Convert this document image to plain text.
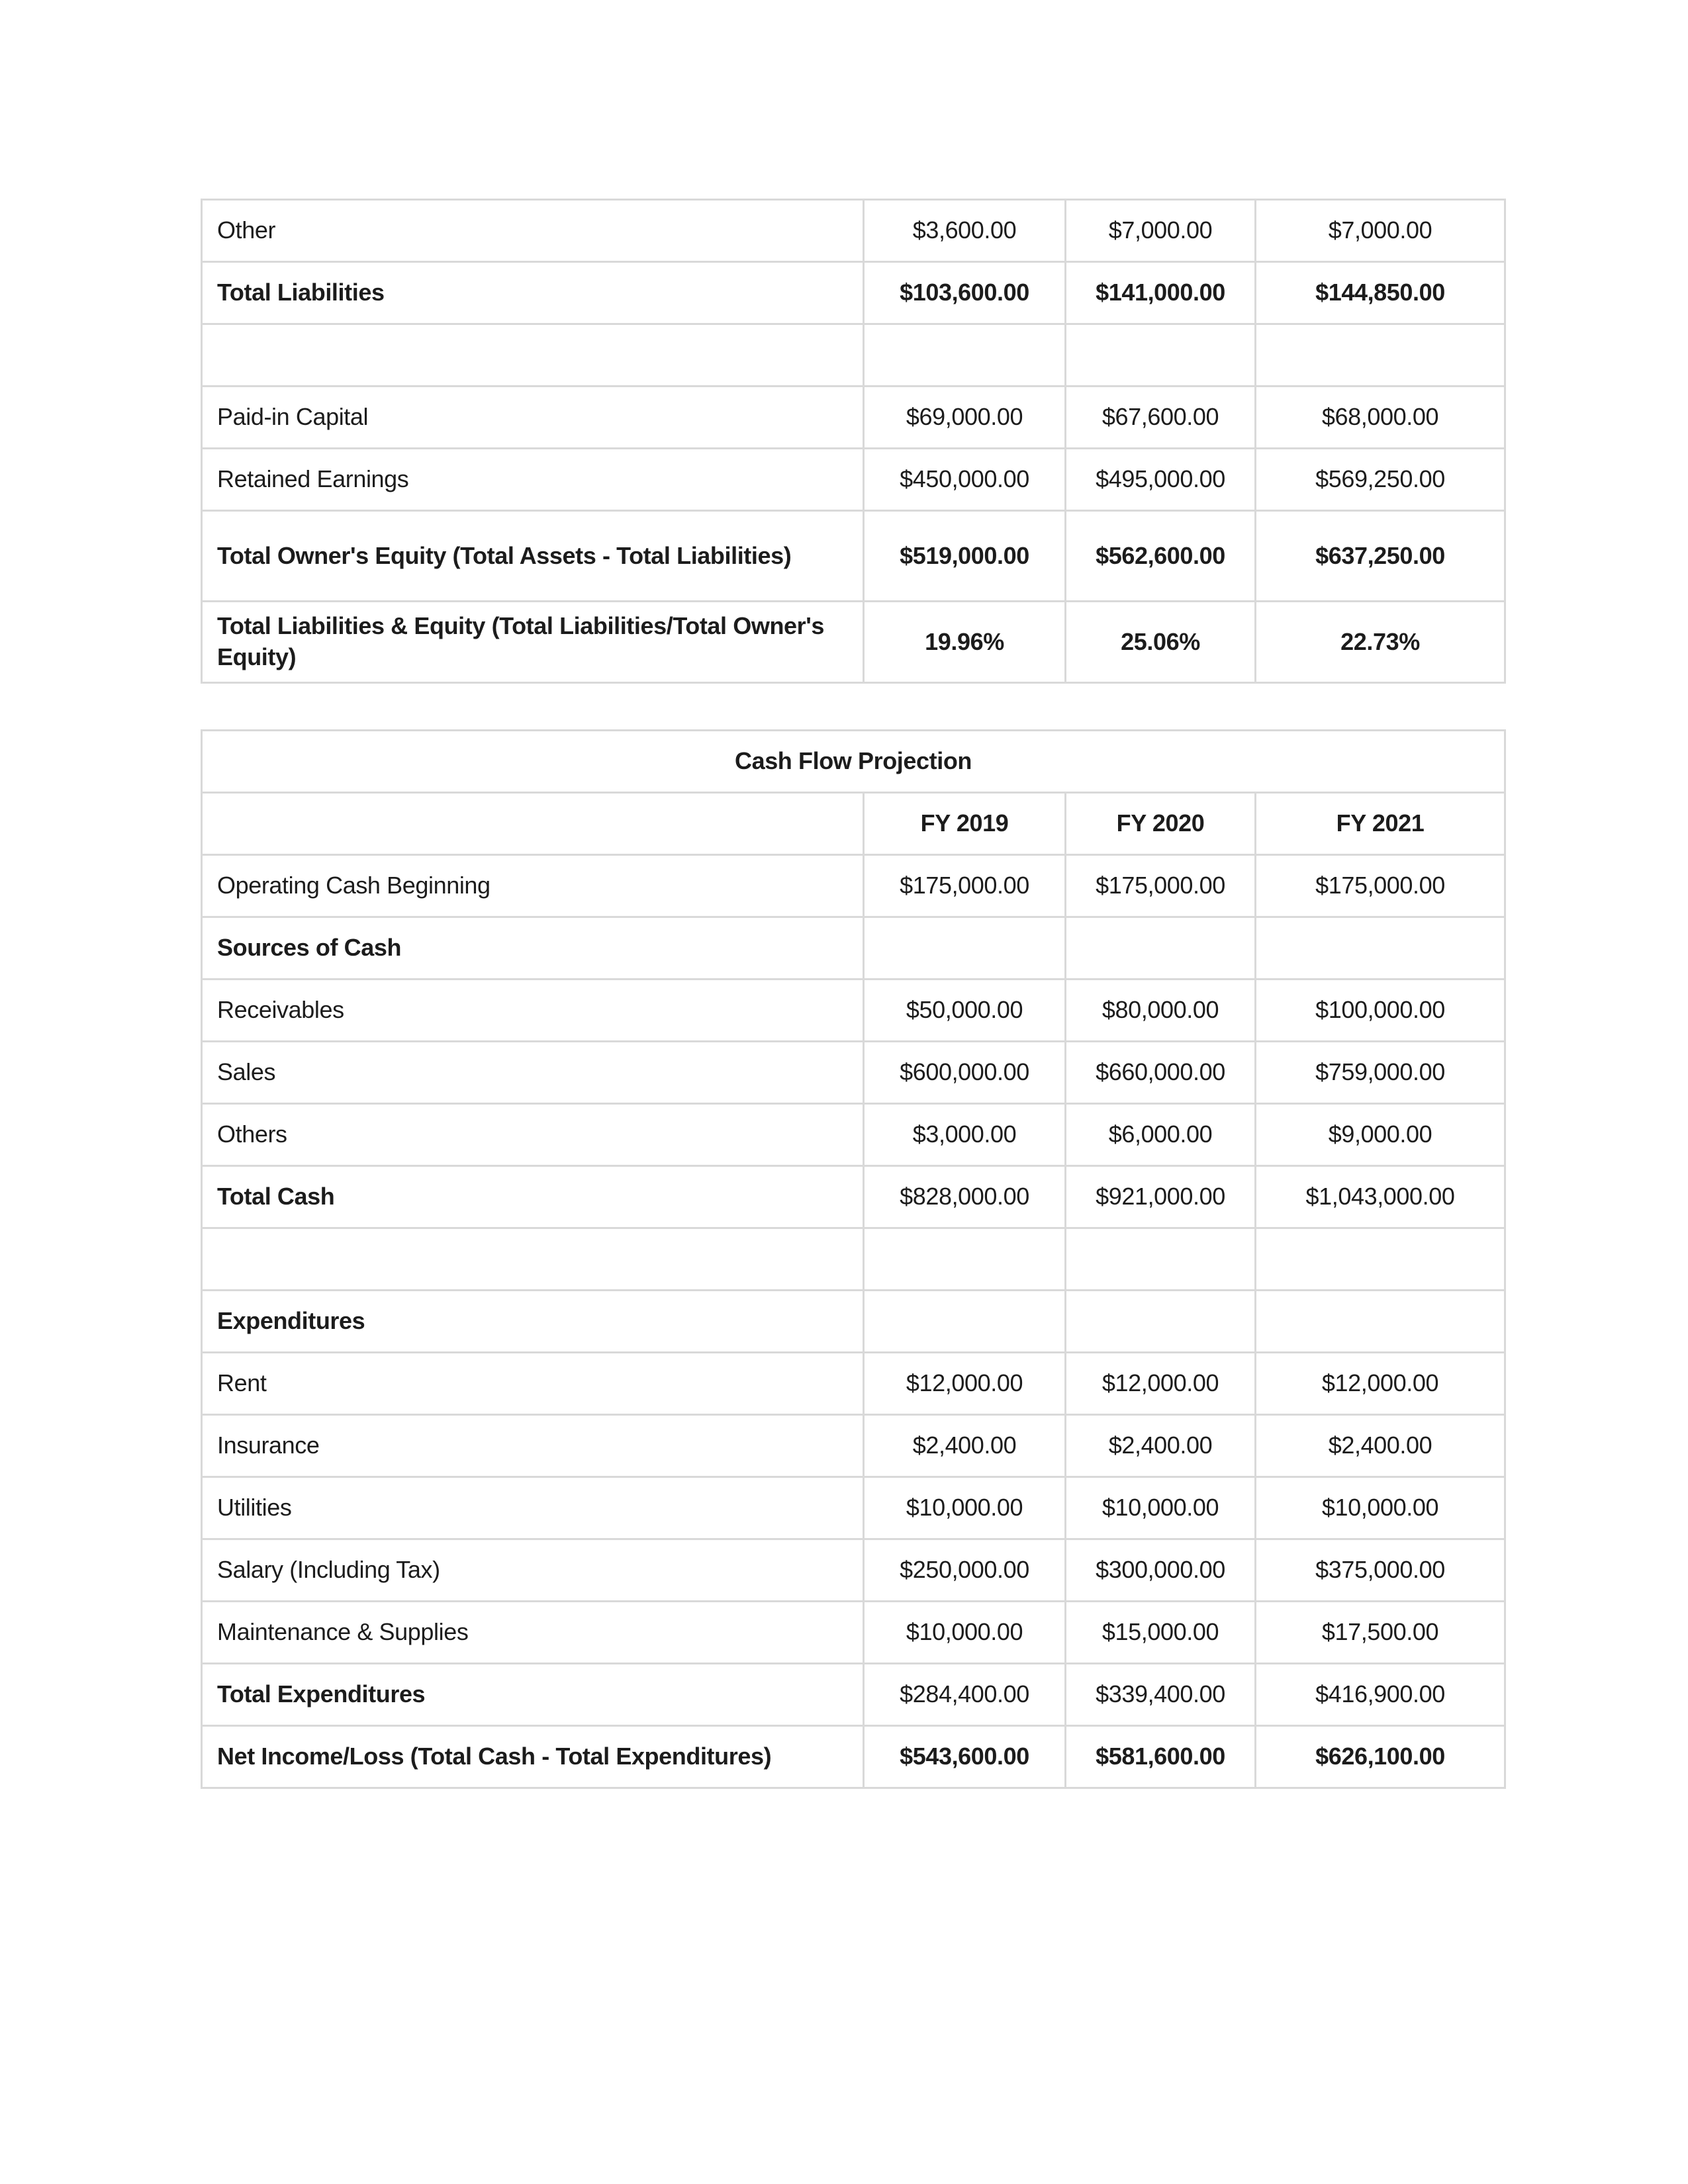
Other	$3,600.00	$7,000.00	$7,000.00
Total Liabilities	$103,600.00	$141,000.00	$144,850.00

Paid-in Capital	$69,000.00	$67,600.00	$68,000.00
Retained Earnings	$450,000.00	$495,000.00	$569,250.00
Total Owner's Equity (Total Assets - Total Liabilities)	$519,000.00	$562,600.00	$637,250.00
Total Liabilities & Equity (Total Liabilities/Total Owner's Equity)	19.96%	25.06%	22.73%
Cash Flow Projection			
	FY 2019	FY 2020	FY 2021
Operating Cash Beginning	$175,000.00	$175,000.00	$175,000.00
Sources of Cash			
Receivables	$50,000.00	$80,000.00	$100,000.00
Sales	$600,000.00	$660,000.00	$759,000.00
Others	$3,000.00	$6,000.00	$9,000.00
Total Cash	$828,000.00	$921,000.00	$1,043,000.00

Expenditures			
Rent	$12,000.00	$12,000.00	$12,000.00
Insurance	$2,400.00	$2,400.00	$2,400.00
Utilities	$10,000.00	$10,000.00	$10,000.00
Salary (Including Tax)	$250,000.00	$300,000.00	$375,000.00
Maintenance & Supplies	$10,000.00	$15,000.00	$17,500.00
Total Expenditures	$284,400.00	$339,400.00	$416,900.00
Net Income/Loss (Total Cash - Total Expenditures)	$543,600.00	$581,600.00	$626,100.00
